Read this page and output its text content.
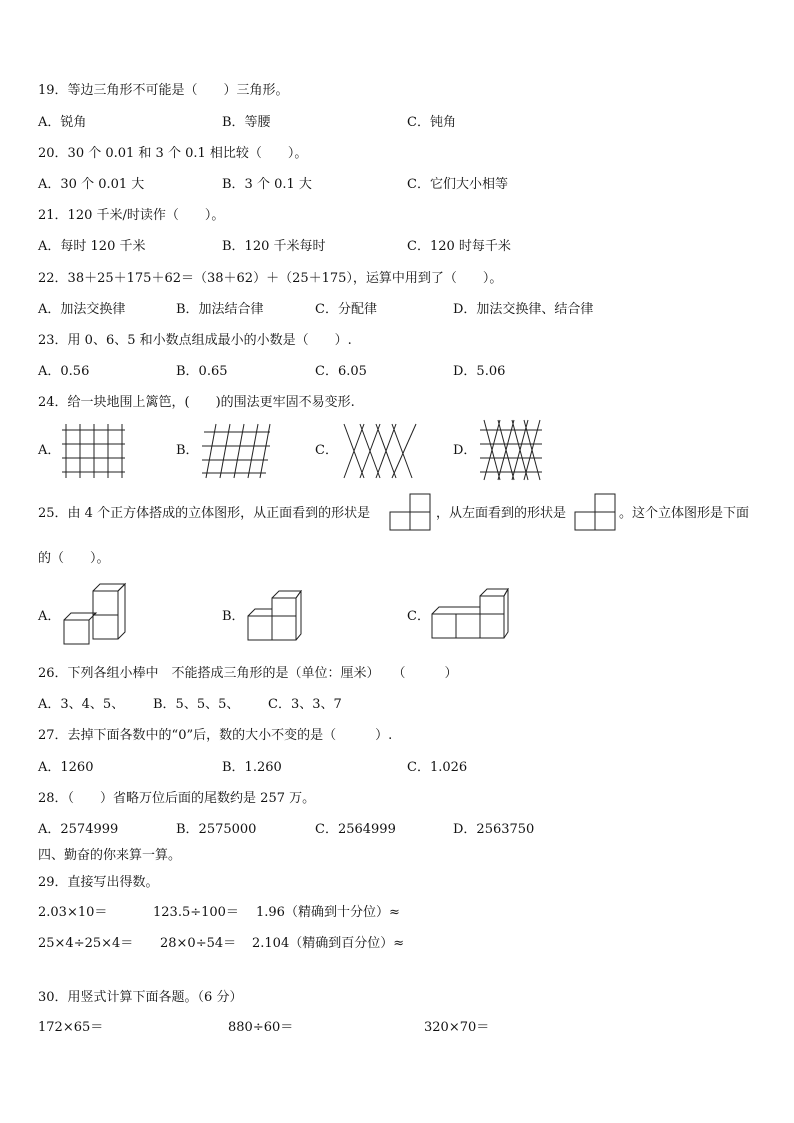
19．等边三角形不可能是（　　）三角形。
A．锐角	B．等腰	C．钝角
20．30 个 0.01 和 3 个 0.1 相比较（　　）。
A．30 个 0.01 大	B．3 个 0.1 大	C．它们大小相等
21．120 千米/时读作（　　）。
A．每时 120 千米	B．120 千米每时	C．120 时每千米
22．38＋25＋175＋62＝（38＋62）＋（25＋175），运算中用到了（　　）。
A．加法交换律	B．加法结合律	C．分配律	D．加法交换律、结合律
23．用 0、6、5 和小数点组成最小的小数是（　　）.
A．0.56	B．0.65	C．6.05	D．5.06
24．给一块地围上篱笆，(　　)的围法更牢固不易变形.
A．	B．	C．	D．
25．由 4 个正方体搭成的立体图形，从正面看到的形状是	，从左面看到的形状是	。这个立体图形是下面
的（　　）。
A．	B．	C．
26．下列各组小棒中　不能搭成三角形的是（单位：厘米）　　（　　　）
A．3、4、5、 B．5、5、5、 C．3、3、7
27．去掉下面各数中的“0”后，数的大小不变的是（　　　）.
A．1260	B．1.260	C．1.026
28．（　　）省略万位后面的尾数约是 257 万。
A．2574999	B．2575000	C．2564999	D．2563750
四、勤奋的你来算一算。
29．直接写出得数。
2.03×10＝	123.5÷100＝ 1.96（精确到十分位）≈
25×4÷25×4＝ 28×0÷54＝ 2.104（精确到百分位）≈
30．用竖式计算下面各题。（6 分）
172×65＝	880÷60＝	320×70＝
